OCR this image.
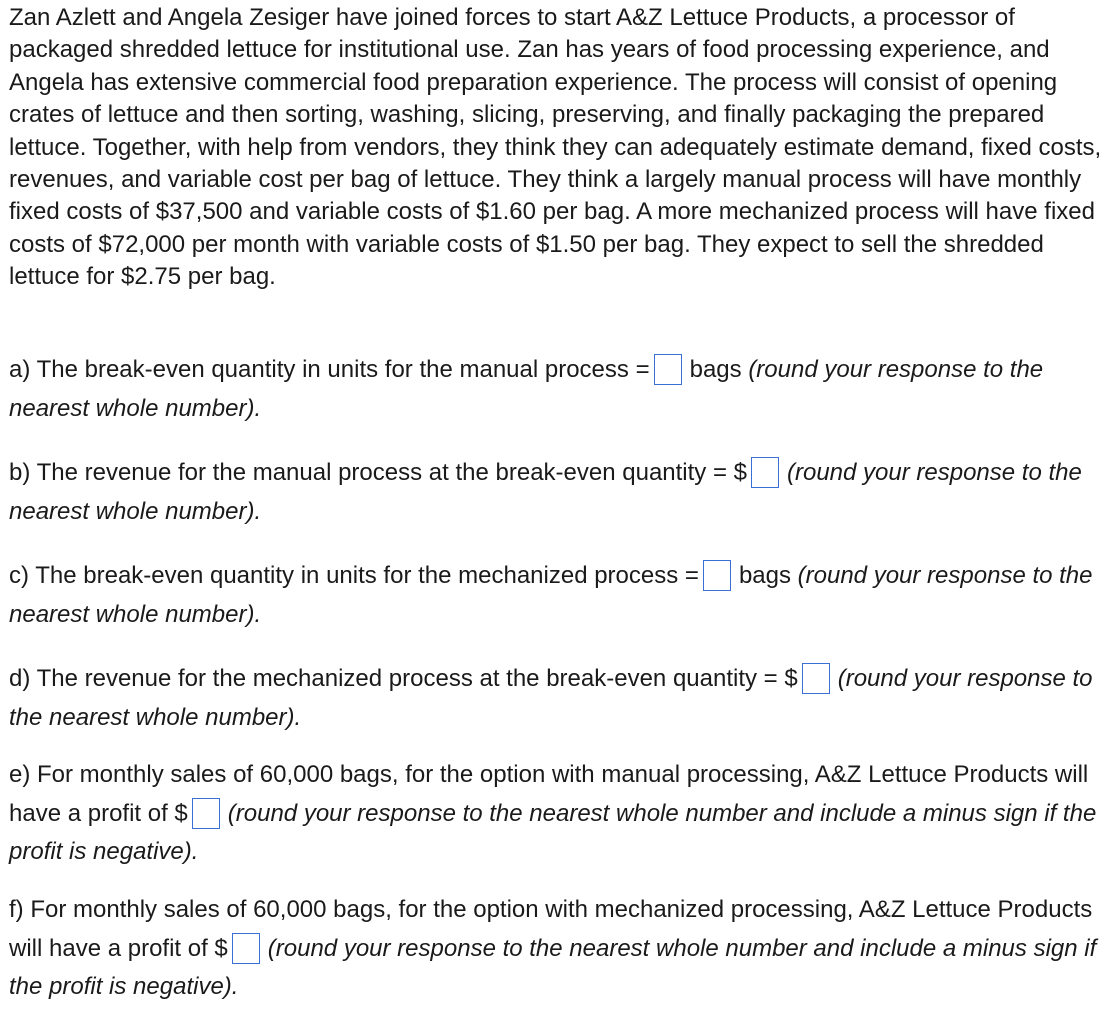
Zan Azlett and Angela Zesiger have joined forces to start A&Z Lettuce Products, a processor of packaged shredded lettuce for institutional use. Zan has years of food processing experience, and Angela has extensive commercial food preparation experience. The process will consist of opening crates of lettuce and then sorting, washing, slicing, preserving, and finally packaging the prepared lettuce. Together, with help from vendors, they think they can adequately estimate demand, fixed costs, revenues, and variable cost per bag of lettuce. They think a largely manual process will have monthly fixed costs of $37,500 and variable costs of $1.60 per bag. A more mechanized process will have fixed costs of $72,000 per month with variable costs of $1.50 per bag. They expect to sell the shredded lettuce for $2.75 per bag.

a) The break-even quantity in units for the manual process = bags (round your response to the nearest whole number).

b) The revenue for the manual process at the break-even quantity = $ (round your response to the nearest whole number).

c) The break-even quantity in units for the mechanized process = bags (round your response to the nearest whole number).

d) The revenue for the mechanized process at the break-even quantity = $ (round your response to the nearest whole number).

e) For monthly sales of 60,000 bags, for the option with manual processing, A&Z Lettuce Products will have a profit of $ (round your response to the nearest whole number and include a minus sign if the profit is negative).

f) For monthly sales of 60,000 bags, for the option with mechanized processing, A&Z Lettuce Products will have a profit of $ (round your response to the nearest whole number and include a minus sign if the profit is negative).
